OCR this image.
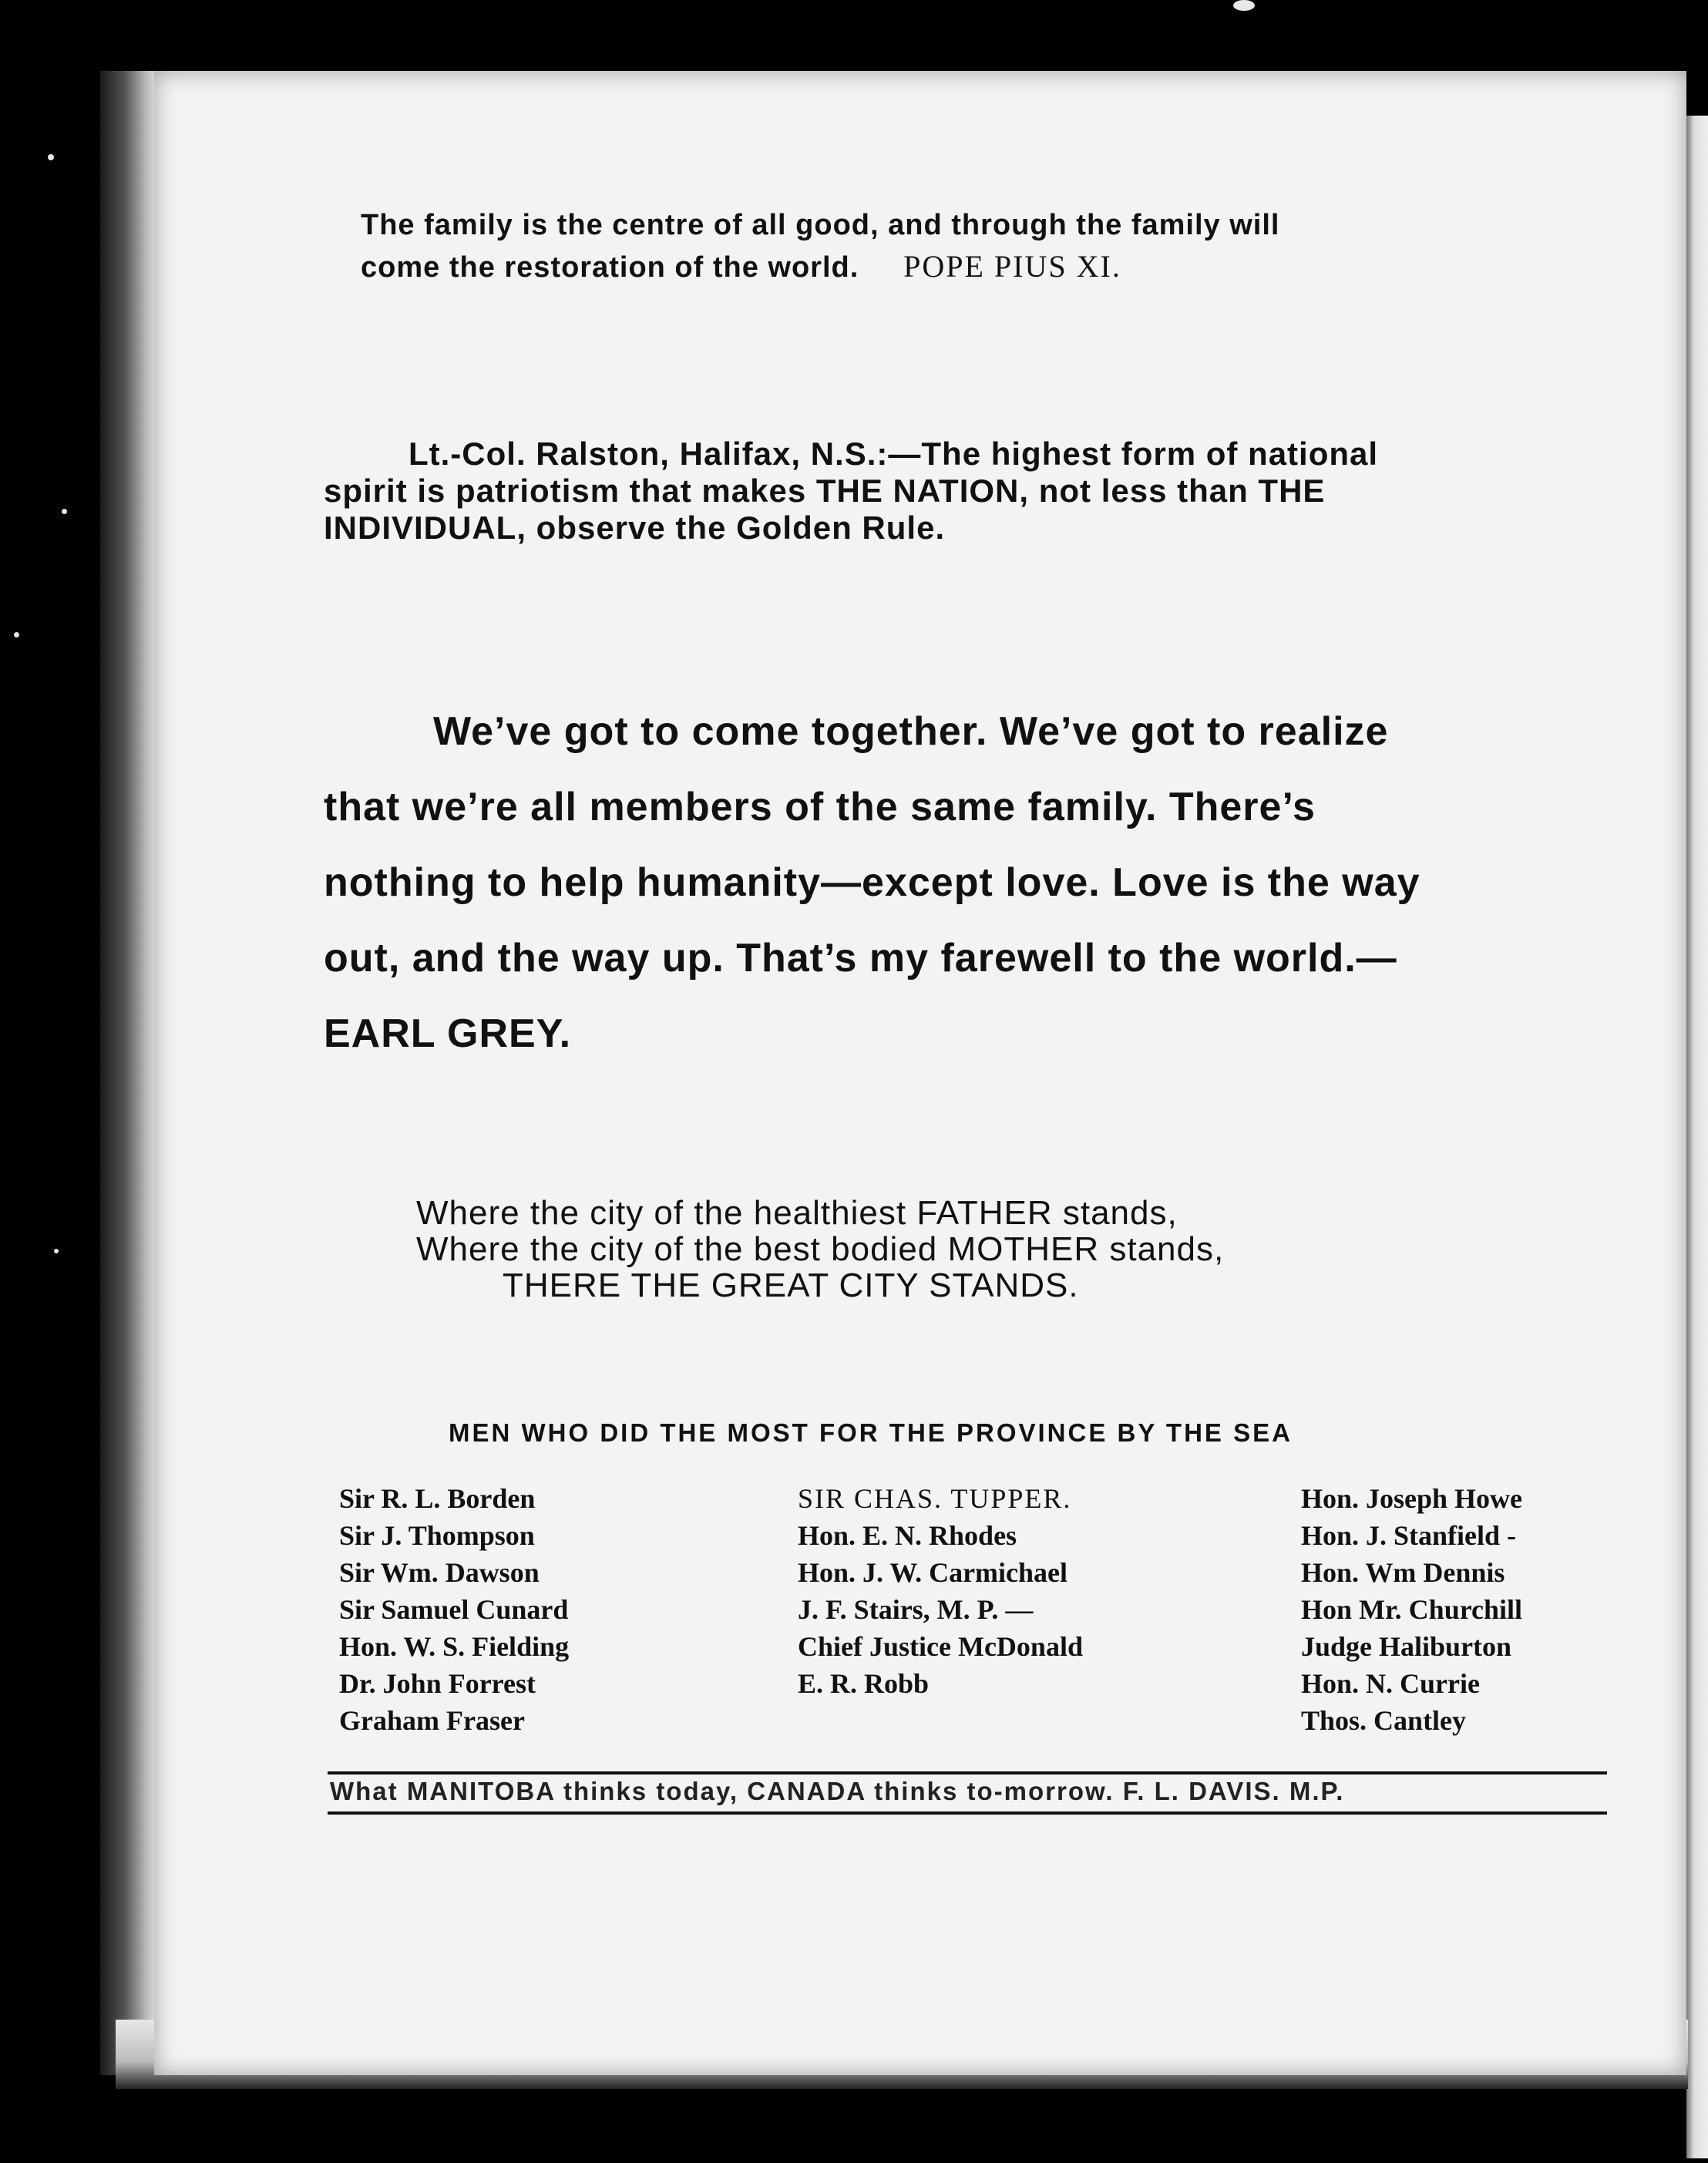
The family is the centre of all good, and through the family will
come the restoration of the world. POPE PIUS XI.
Lt.-Col. Ralston, Halifax, N.S.:—The highest form of national
spirit is patriotism that makes THE NATION, not less than THE
INDIVIDUAL, observe the Golden Rule.
We’ve got to come together. We’ve got to realize
that we’re all members of the same family. There’s
nothing to help humanity—except love. Love is the way
out, and the way up. That’s my farewell to the world.—
EARL GREY.
Where the city of the healthiest FATHER stands,
Where the city of the best bodied MOTHER stands,
THERE THE GREAT CITY STANDS.
MEN WHO DID THE MOST FOR THE PROVINCE BY THE SEA
Sir R. L. Borden
Sir J. Thompson
Sir Wm. Dawson
Sir Samuel Cunard
Hon. W. S. Fielding
Dr. John Forrest
Graham Fraser
SIR CHAS. TUPPER.
Hon. E. N. Rhodes
Hon. J. W. Carmichael
J. F. Stairs, M. P. —
Chief Justice McDonald
E. R. Robb
Hon. Joseph Howe
Hon. J. Stanfield -
Hon. Wm Dennis
Hon Mr. Churchill
Judge Haliburton
Hon. N. Currie
Thos. Cantley
What MANITOBA thinks today, CANADA thinks to-morrow. F. L. DAVIS. M.P.
